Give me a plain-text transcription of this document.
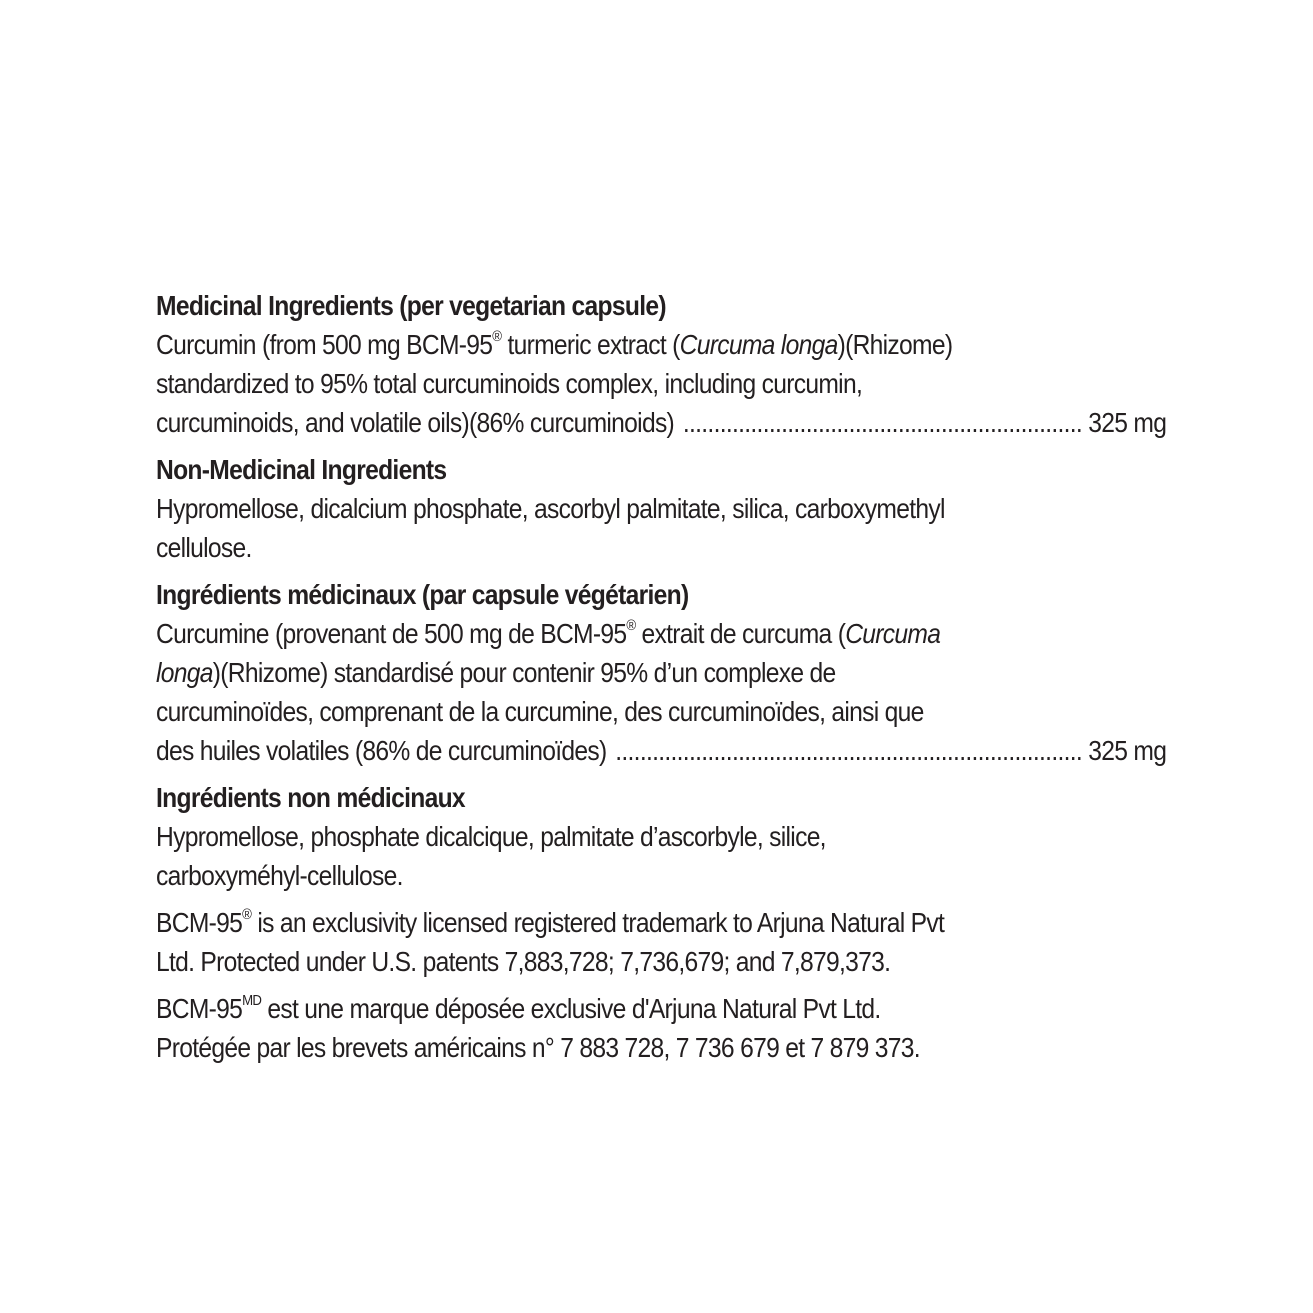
Medicinal Ingredients (per vegetarian capsule)
Curcumin (from 500 mg BCM-95® turmeric extract (Curcuma longa)(Rhizome)
standardized to 95% total curcuminoids complex, including curcumin,
curcuminoids, and volatile oils)(86% curcuminoids) .....	325 mg
Non-Medicinal Ingredients
Hypromellose, dicalcium phosphate, ascorbyl palmitate, silica, carboxymethyl
cellulose.
Ingrédients médicinaux (par capsule végétarien)
Curcumine (provenant de 500 mg de BCM-95® extrait de curcuma (Curcuma
longa)(Rhizome) standardisé pour contenir 95% d’un complexe de
curcuminoïdes, comprenant de la curcumine, des curcuminoïdes, ainsi que
des huiles volatiles (86% de curcuminoïdes) .....	325 mg
Ingrédients non médicinaux
Hypromellose, phosphate dicalcique, palmitate d’ascorbyle, silice,
carboxyméhyl-cellulose.
BCM-95® is an exclusivity licensed registered trademark to Arjuna Natural Pvt
Ltd. Protected under U.S. patents 7,883,728; 7,736,679; and 7,879,373.
BCM-$95^{MD}$ est une marque déposée exclusive d'Arjuna Natural Pvt Ltd.
Protégée par les brevets américains n° 7 883 728, 7 736 679 et 7 879 373.
